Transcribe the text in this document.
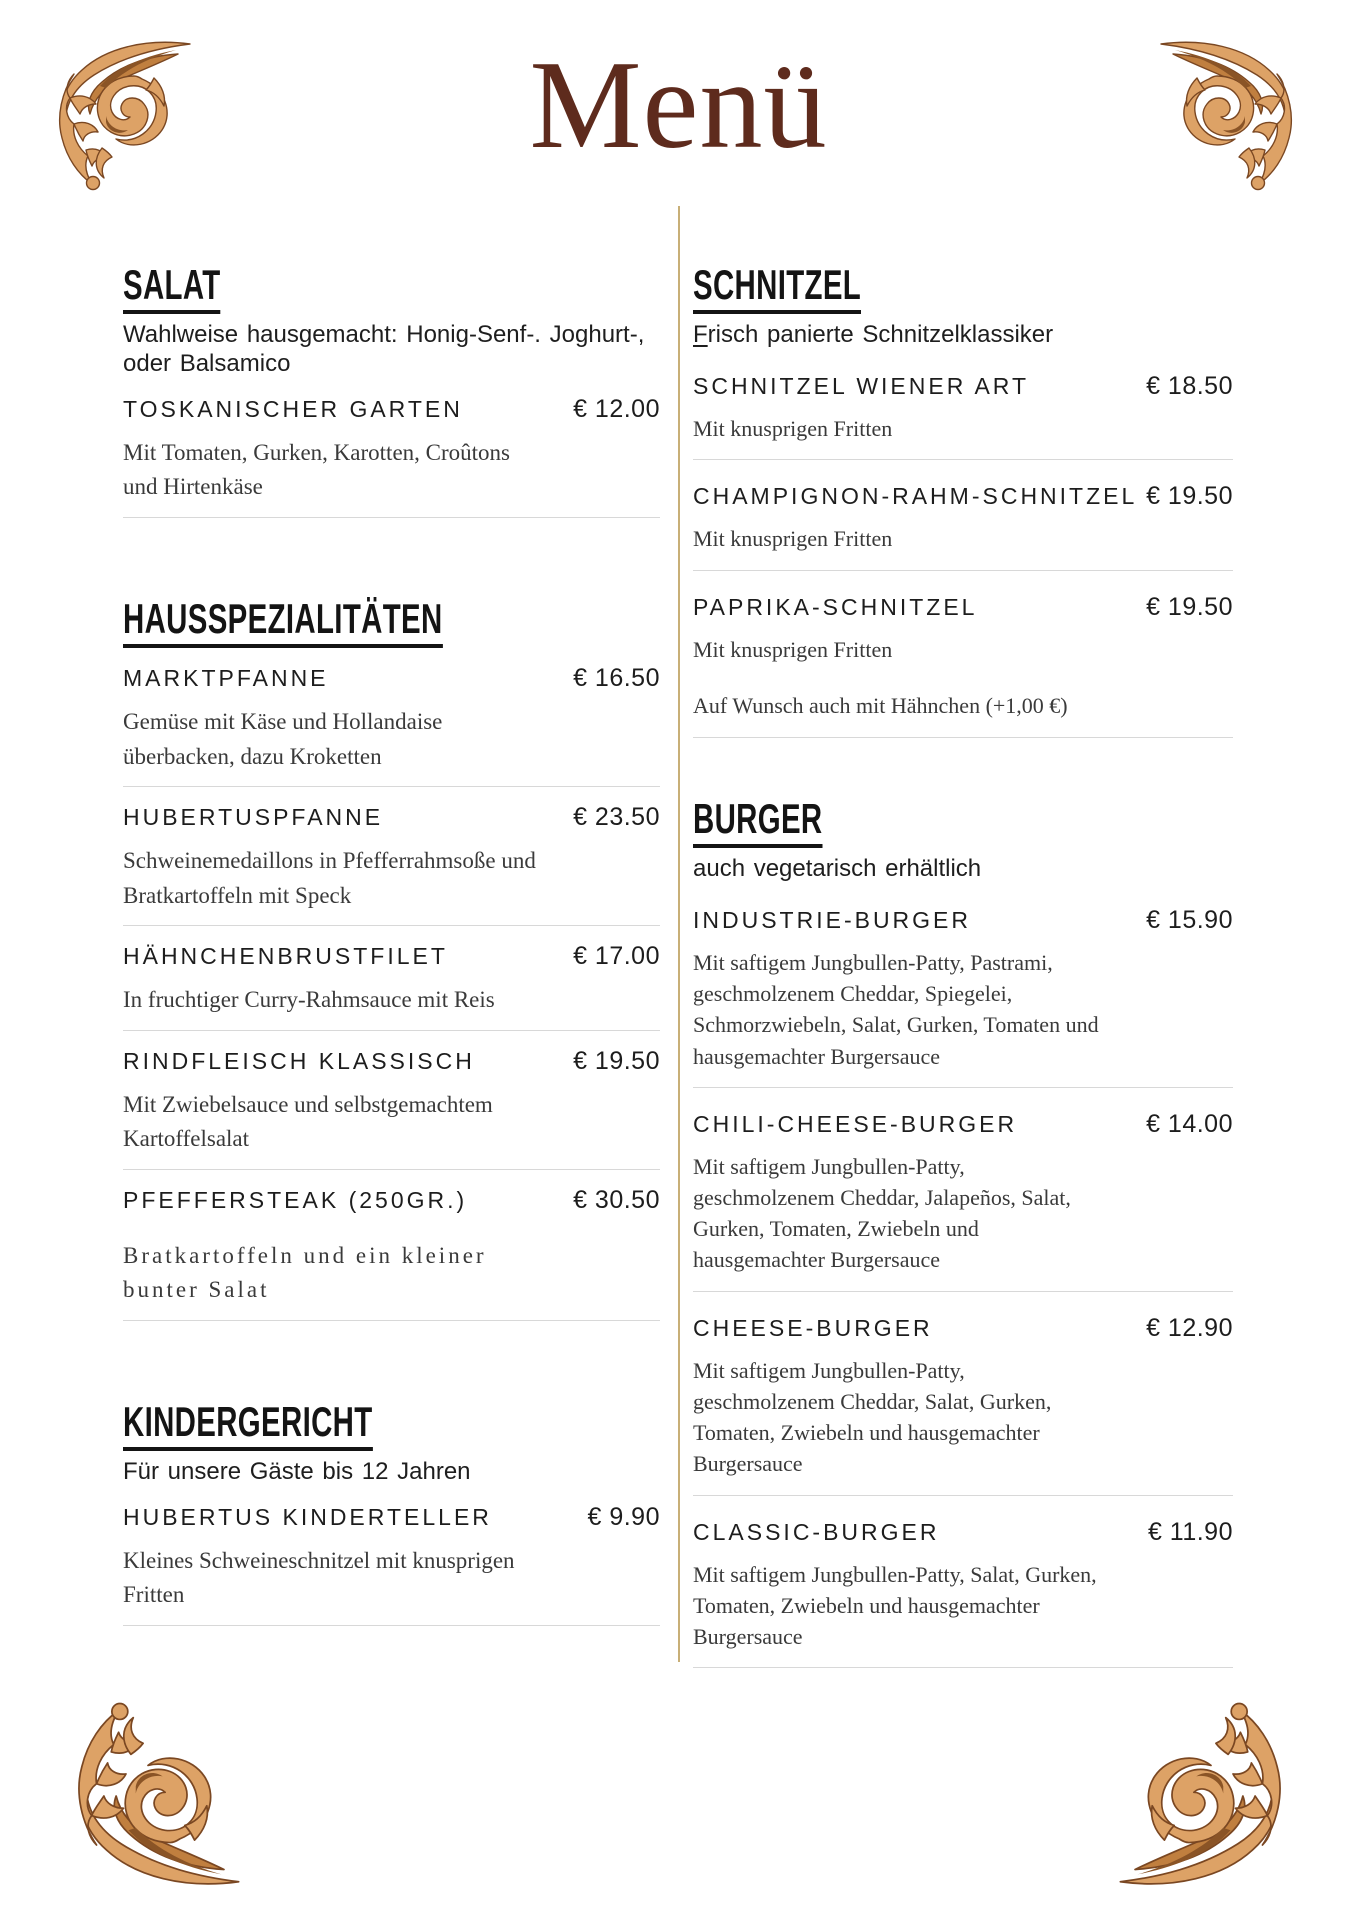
Menü
SALAT

Wahlweise hausgemacht: Honig-Senf-. Joghurt-, oder Balsamico

TOSKANISCHER GARTEN	€ 12.00

Mit Tomaten, Gurken, Karotten, Croûtons und Hirtenkäse

HAUSSPEZIALITÄTEN
MARKTPFANNE	€ 16.50

Gemüse mit Käse und Hollandaise überbacken, dazu Kroketten

HUBERTUSPFANNE	€ 23.50

Schweinemedaillons in Pfefferrahmsoße und Bratkartoffeln mit Speck

HÄHNCHENBRUSTFILET	€ 17.00

In fruchtiger Curry-Rahmsauce mit Reis

RINDFLEISCH KLASSISCH	€ 19.50

Mit Zwiebelsauce und selbstgemachtem Kartoffelsalat

PFEFFERSTEAK (250GR.)	€ 30.50

Bratkartoffeln und ein kleiner bunter Salat

KINDERGERICHT

Für unsere Gäste bis 12 Jahren

HUBERTUS KINDERTELLER	€ 9.90

Kleines Schweineschnitzel mit knusprigen Fritten

SCHNITZEL

Frisch panierte Schnitzelklassiker

SCHNITZEL WIENER ART	€ 18.50

Mit knusprigen Fritten

CHAMPIGNON-RAHM-SCHNITZEL € 19.50

Mit knusprigen Fritten

PAPRIKA-SCHNITZEL	€ 19.50

Mit knusprigen Fritten

Auf Wunsch auch mit Hähnchen (+1,00 €)

BURGER

auch vegetarisch erhältlich

INDUSTRIE-BURGER	€ 15.90

Mit saftigem Jungbullen-Patty, Pastrami, geschmolzenem Cheddar, Spiegelei, Schmorzwiebeln, Salat, Gurken, Tomaten und hausgemachter Burgersauce

CHILI-CHEESE-BURGER	€ 14.00

Mit saftigem Jungbullen-Patty, geschmolzenem Cheddar, Jalapeños, Salat, Gurken, Tomaten, Zwiebeln und hausgemachter Burgersauce

CHEESE-BURGER	€ 12.90

Mit saftigem Jungbullen-Patty, geschmolzenem Cheddar, Salat, Gurken, Tomaten, Zwiebeln und hausgemachter Burgersauce

CLASSIC-BURGER	€ 11.90

Mit saftigem Jungbullen-Patty, Salat, Gurken, Tomaten, Zwiebeln und hausgemachter Burgersauce
